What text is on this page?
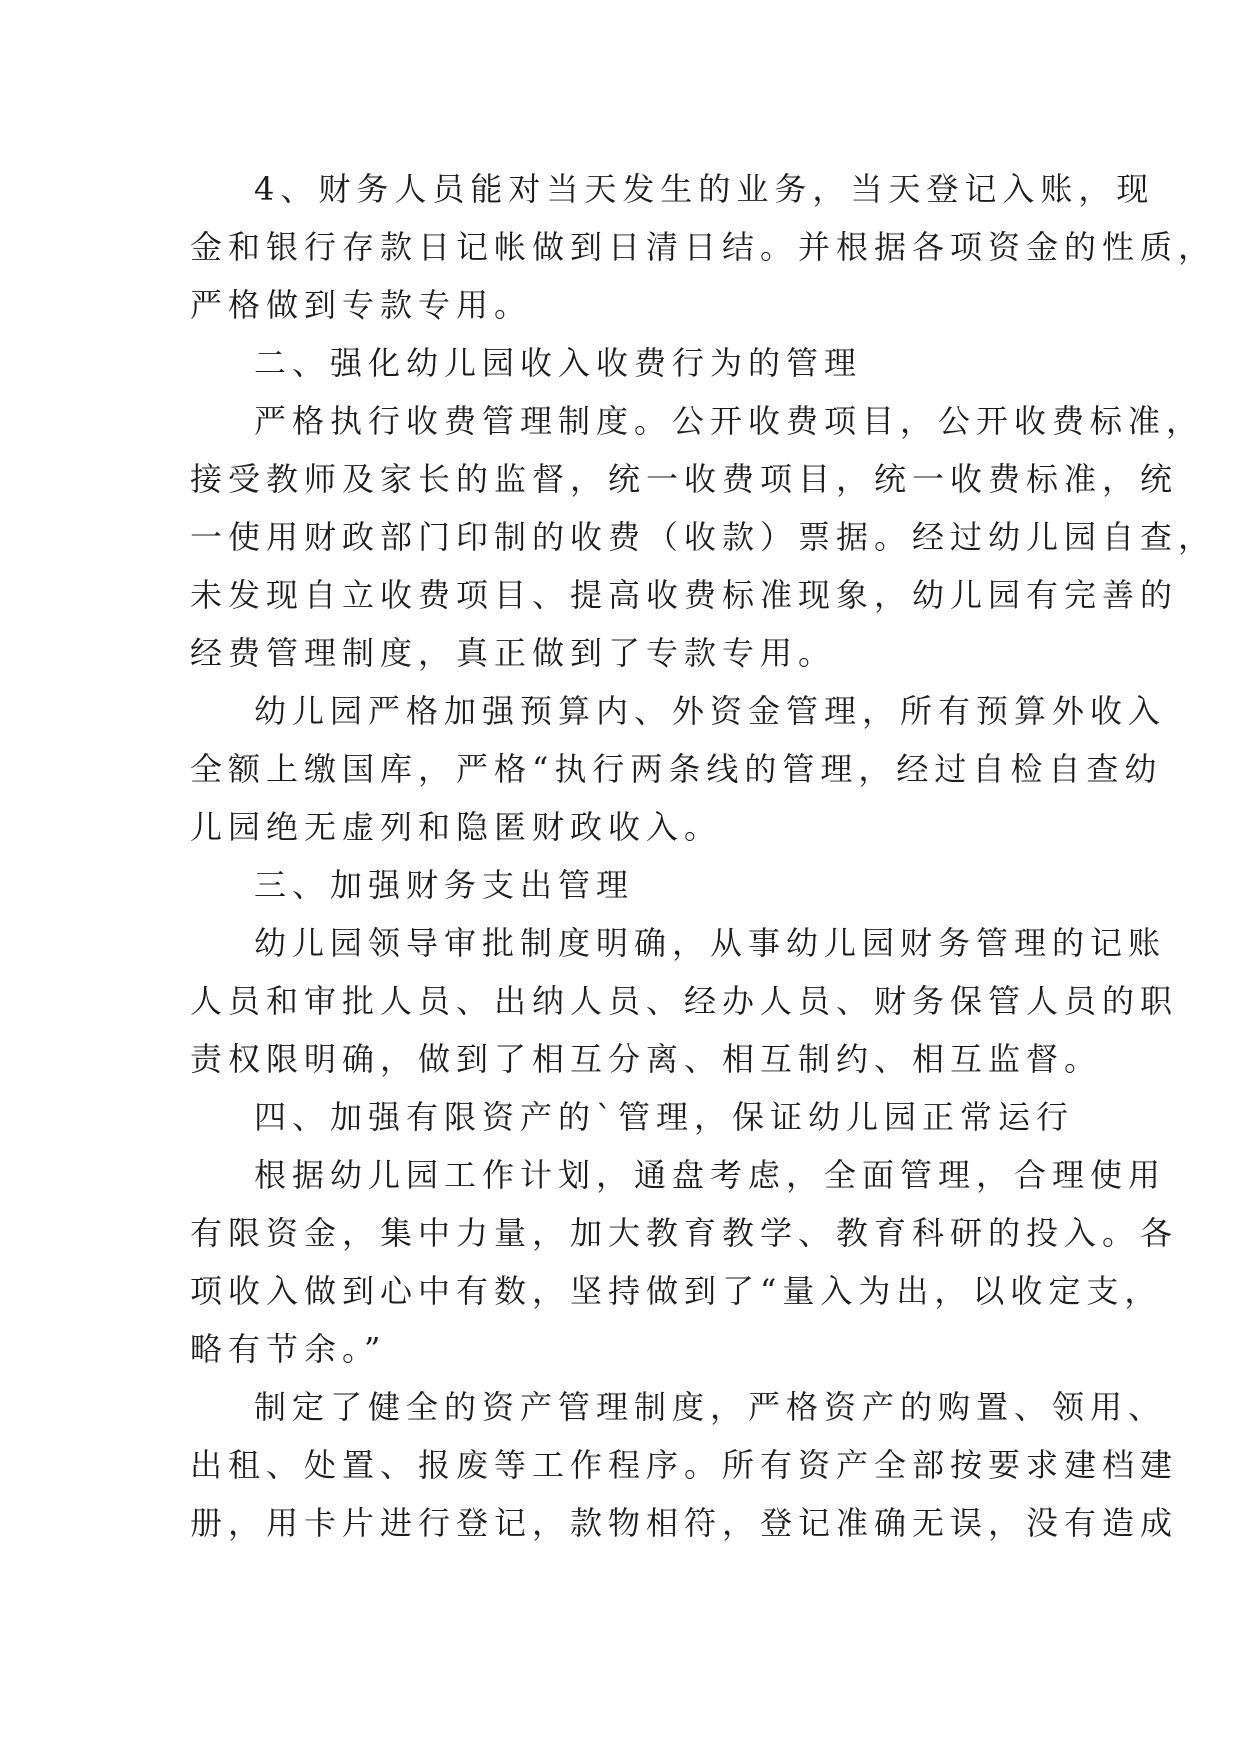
4、财务人员能对当天发生的业务，当天登记入账，现
金和银行存款日记帐做到日清日结。并根据各项资金的性质，
严格做到专款专用。
二、强化幼儿园收入收费行为的管理
严格执行收费管理制度。公开收费项目，公开收费标准，
接受教师及家长的监督，统一收费项目，统一收费标准，统
一使用财政部门印制的收费（收款）票据。经过幼儿园自查，
未发现自立收费项目、提高收费标准现象，幼儿园有完善的
经费管理制度，真正做到了专款专用。
幼儿园严格加强预算内、外资金管理，所有预算外收入
全额上缴国库，严格“执行两条线的管理，经过自检自查幼
儿园绝无虚列和隐匿财政收入。
三、加强财务支出管理
幼儿园领导审批制度明确，从事幼儿园财务管理的记账
人员和审批人员、出纳人员、经办人员、财务保管人员的职
责权限明确，做到了相互分离、相互制约、相互监督。
四、加强有限资产的`管理，保证幼儿园正常运行
根据幼儿园工作计划，通盘考虑，全面管理，合理使用
有限资金，集中力量，加大教育教学、教育科研的投入。各
项收入做到心中有数，坚持做到了“量入为出，以收定支，
略有节余。”
制定了健全的资产管理制度，严格资产的购置、领用、
出租、处置、报废等工作程序。所有资产全部按要求建档建
册，用卡片进行登记，款物相符，登记准确无误，没有造成
